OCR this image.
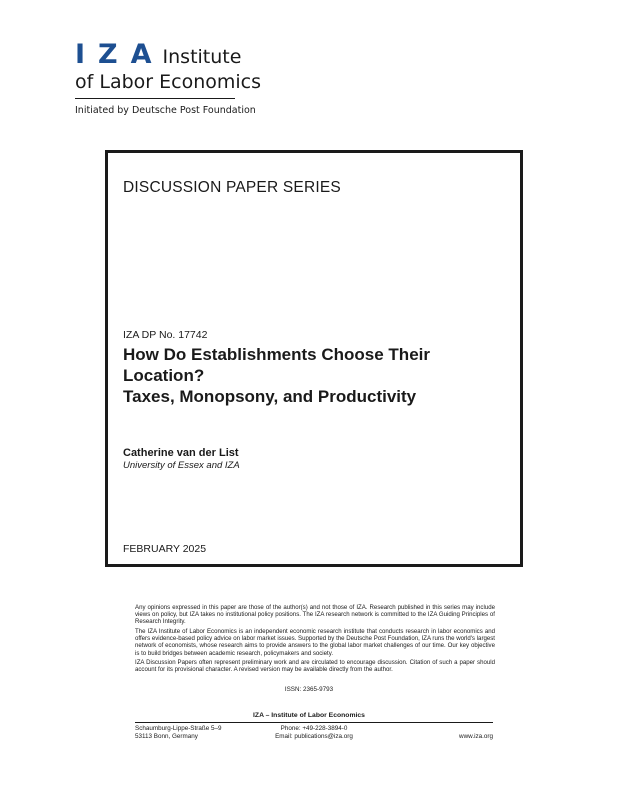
IZA
Institute
of Labor Economics
Initiated by Deutsche Post Foundation
DISCUSSION PAPER SERIES
IZA DP No. 17742
How Do Establishments Choose Their
Location?
Taxes, Monopsony, and Productivity
Catherine van der List
University of Essex and IZA
FEBRUARY 2025

Any opinions expressed in this paper are those of the author(s) and not those of IZA. Research published in this series may include views on policy, but IZA takes no institutional policy positions. The IZA research network is committed to the IZA Guiding Principles of Research Integrity.

The IZA Institute of Labor Economics is an independent economic research institute that conducts research in labor economics and offers evidence-based policy advice on labor market issues. Supported by the Deutsche Post Foundation, IZA runs the world's largest network of economists, whose research aims to provide answers to the global labor market challenges of our time. Our key objective is to build bridges between academic research, policymakers and society.

IZA Discussion Papers often represent preliminary work and are circulated to encourage discussion. Citation of such a paper should account for its provisional character. A revised version may be available directly from the author.

ISSN: 2365-9793
IZA – Institute of Labor Economics
Schaumburg-Lippe-Straße 5–9
53113 Bonn, Germany
Phone: +49-228-3894-0
Email: publications@iza.org	www.iza.org
